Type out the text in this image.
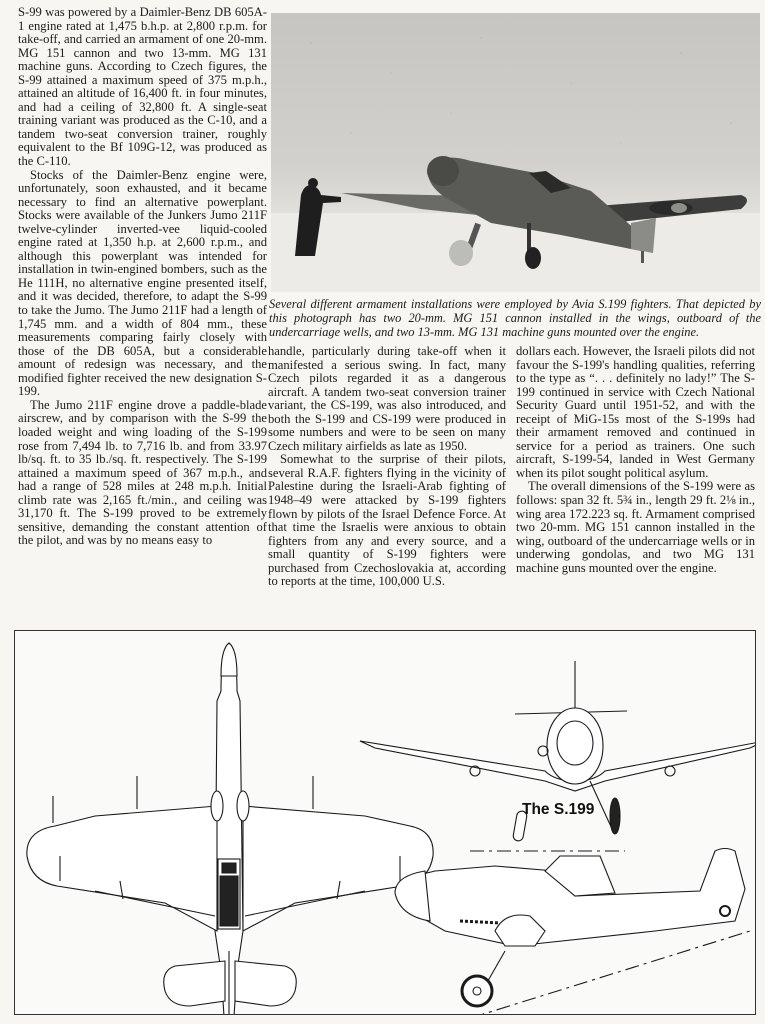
S-99 was powered by a Daimler-Benz DB 605A-1 engine rated at 1,475 b.h.p. at 2,800 r.p.m. for take-off, and carried an armament of one 20-mm. MG 151 cannon and two 13-mm. MG 131 machine guns. According to Czech figures, the S-99 attained a maximum speed of 375 m.p.h., attained an altitude of 16,400 ft. in four minutes, and had a ceiling of 32,800 ft. A single-seat training variant was produced as the C-10, and a tandem two-seat conversion trainer, roughly equivalent to the Bf 109G-12, was produced as the C-110.

Stocks of the Daimler-Benz engine were, unfortunately, soon exhausted, and it became necessary to find an alternative powerplant. Stocks were available of the Junkers Jumo 211F twelve-cylinder inverted-vee liquid-cooled engine rated at 1,350 h.p. at 2,600 r.p.m., and although this powerplant was intended for installation in twin-engined bombers, such as the He 111H, no alternative engine presented itself, and it was decided, therefore, to adapt the S-99 to take the Jumo. The Jumo 211F had a length of 1,745 mm. and a width of 804 mm., these measurements comparing fairly closely with those of the DB 605A, but a considerable amount of redesign was necessary, and the modified fighter received the new designation S-199.

The Jumo 211F engine drove a paddle-blade airscrew, and by comparison with the S-99 the loaded weight and wing loading of the S-199 rose from 7,494 lb. to 7,716 lb. and from 33.97 lb/sq. ft. to 35 lb./sq. ft. respectively. The S-199 attained a maximum speed of 367 m.p.h., and had a range of 528 miles at 248 m.p.h. Initial climb rate was 2,165 ft./min., and ceiling was 31,170 ft. The S-199 proved to be extremely sensitive, demanding the constant attention of the pilot, and was by no means easy to

Several different armament installations were employed by Avia S.199 fighters. That depicted by this photograph has two 20-mm. MG 151 cannon installed in the wings, outboard of the undercarriage wells, and two 13-mm. MG 131 machine guns mounted over the engine.

handle, particularly during take-off when it manifested a serious swing. In fact, many Czech pilots regarded it as a dangerous aircraft. A tandem two-seat conversion trainer variant, the CS-199, was also introduced, and both the S-199 and CS-199 were produced in some numbers and were to be seen on many Czech military airfields as late as 1950.

Somewhat to the surprise of their pilots, several R.A.F. fighters flying in the vicinity of Palestine during the Israeli-Arab fighting of 1948–49 were attacked by S-199 fighters flown by pilots of the Israel Defence Force. At that time the Israelis were anxious to obtain fighters from any and every source, and a small quantity of S-199 fighters were purchased from Czechoslovakia at, according to reports at the time, 100,000 U.S.

dollars each. However, the Israeli pilots did not favour the S-199's handling qualities, referring to the type as “. . . definitely no lady!” The S-199 continued in service with Czech National Security Guard until 1951-52, and with the receipt of MiG-15s most of the S-199s had their armament removed and continued in service for a period as trainers. One such aircraft, S-199-54, landed in West Germany when its pilot sought political asylum.

The overall dimensions of the S-199 were as follows: span 32 ft. 5¾ in., length 29 ft. 2⅛ in., wing area 172.223 sq. ft. Armament comprised two 20-mm. MG 151 cannon installed in the wing, outboard of the undercarriage wells or in underwing gondolas, and two MG 131 machine guns mounted over the engine.

The S.199
